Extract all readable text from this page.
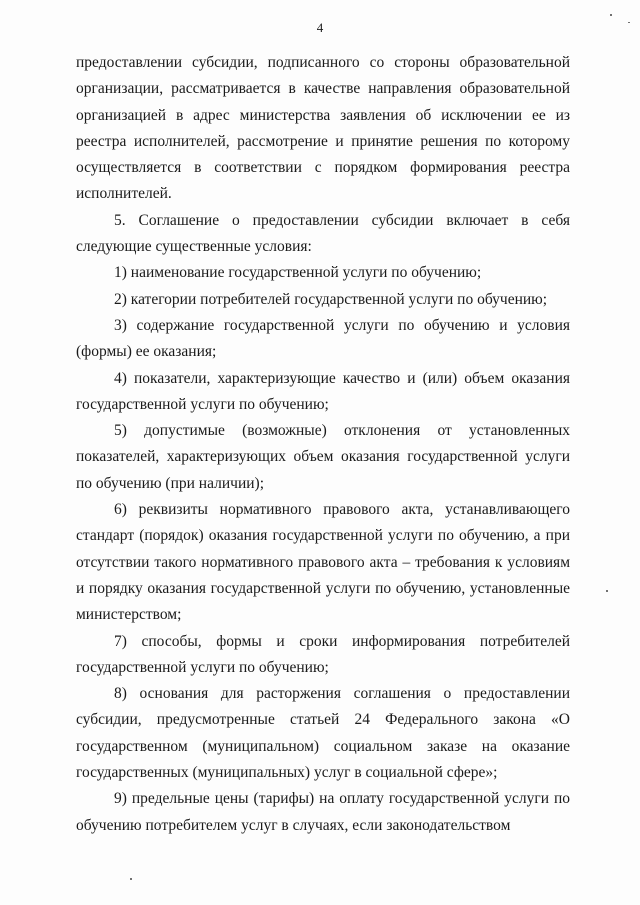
4

предоставлении субсидии, подписанного со стороны образовательной организации, рассматривается в качестве направления образовательной организацией в адрес министерства заявления об исключении ее из реестра исполнителей, рассмотрение и принятие решения по которому осуществляется в соответствии с порядком формирования реестра исполнителей.

5. Соглашение о предоставлении субсидии включает в себя следующие существенные условия:

1) наименование государственной услуги по обучению;

2) категории потребителей государственной услуги по обучению;

3) содержание государственной услуги по обучению и условия (формы) ее оказания;

4) показатели, характеризующие качество и (или) объем оказания государственной услуги по обучению;

5) допустимые (возможные) отклонения от установленных показателей, характеризующих объем оказания государственной услуги по обучению (при наличии);

6) реквизиты нормативного правового акта, устанавливающего стандарт (порядок) оказания государственной услуги по обучению, а при отсутствии такого нормативного правового акта – требования к условиям и порядку оказания государственной услуги по обучению, установленные министерством;

7) способы, формы и сроки информирования потребителей государственной услуги по обучению;

8) основания для расторжения соглашения о предоставлении субсидии, предусмотренные статьей 24 Федерального закона «О государственном (муниципальном) социальном заказе на оказание государственных (муниципальных) услуг в социальной сфере»;

9) предельные цены (тарифы) на оплату государственной услуги по обучению потребителем услуг в случаях, если законодательством
